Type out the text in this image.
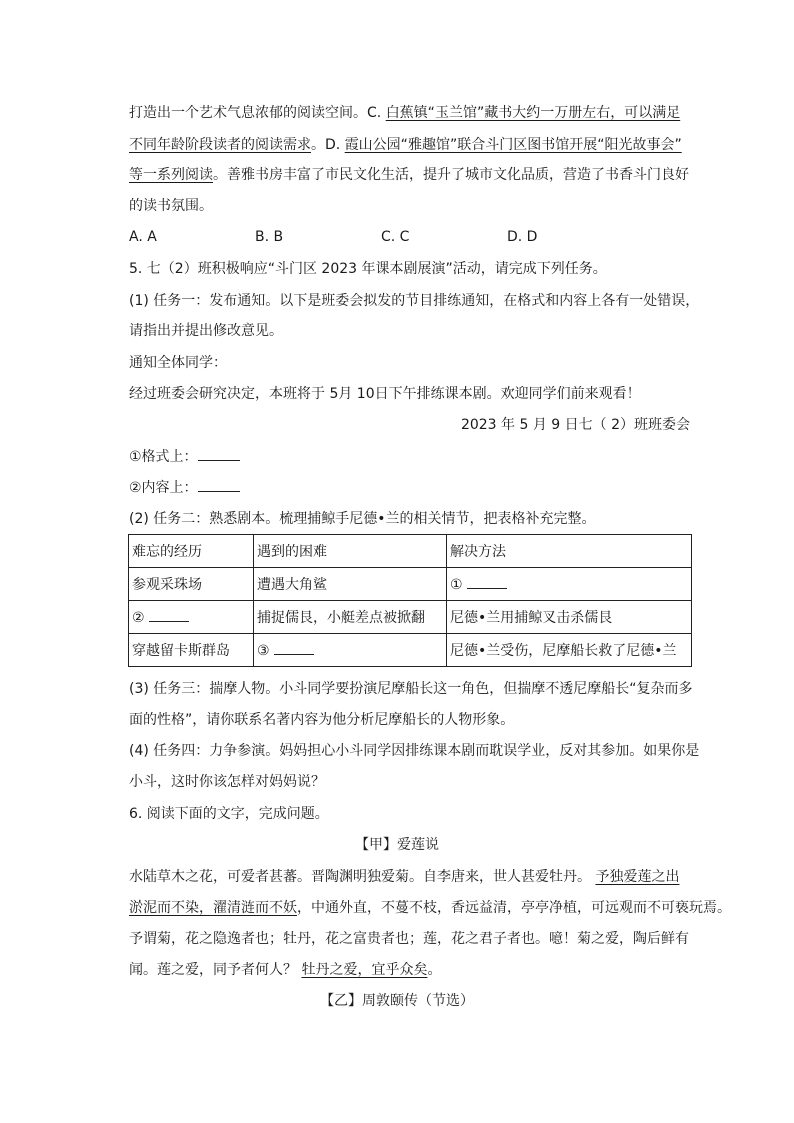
打造出一个艺术气息浓郁的阅读空间。C. 白蕉镇“玉兰馆”藏书大约一万册左右，可以满足
不同年龄阶段读者的阅读需求。D. 霞山公园“雅趣馆”联合斗门区图书馆开展“阳光故事会”
等一系列阅读。善雅书房丰富了市民文化生活，提升了城市文化品质，营造了书香斗门良好
的读书氛围。
A. A	B. B	C. C	D. D
5. 七（2）班积极响应“斗门区 2023 年课本剧展演”活动，请完成下列任务。
(1) 任务一：发布通知。以下是班委会拟发的节目排练通知，在格式和内容上各有一处错误，
请指出并提出修改意见。
通知全体同学：
经过班委会研究决定，本班将于 5月 10日下午排练课本剧。欢迎同学们前来观看！
2023 年 5 月 9 日七（ 2）班班委会
①格式上：
②内容上：
(2) 任务二：熟悉剧本。梳理捕鲸手尼德•兰的相关情节，把表格补充完整。
难忘的经历	遇到的困难	解决方法
参观采珠场	遭遇大角鲨	①
②	捕捉儒艮，小艇差点被掀翻	尼德•兰用捕鲸叉击杀儒艮
穿越留卡斯群岛	③	尼德•兰受伤，尼摩船长救了尼德•兰
(3) 任务三：揣摩人物。小斗同学要扮演尼摩船长这一角色，但揣摩不透尼摩船长“复杂而多
面的性格”，请你联系名著内容为他分析尼摩船长的人物形象。
(4) 任务四：力争参演。妈妈担心小斗同学因排练课本剧而耽误学业，反对其参加。如果你是
小斗，这时你该怎样对妈妈说？
6. 阅读下面的文字，完成问题。
【甲】爱莲说
水陆草木之花，可爱者甚蕃。晋陶渊明独爱菊。自李唐来，世人甚爱牡丹。 予独爱莲之出
淤泥而不染，濯清涟而不妖，中通外直，不蔓不枝，香远益清，亭亭净植，可远观而不可亵玩焉。
予谓菊，花之隐逸者也；牡丹，花之富贵者也；莲，花之君子者也。噫！菊之爱，陶后鲜有
闻。莲之爱，同予者何人？ 牡丹之爱，宜乎众矣。
【乙】周敦颐传（节选）
